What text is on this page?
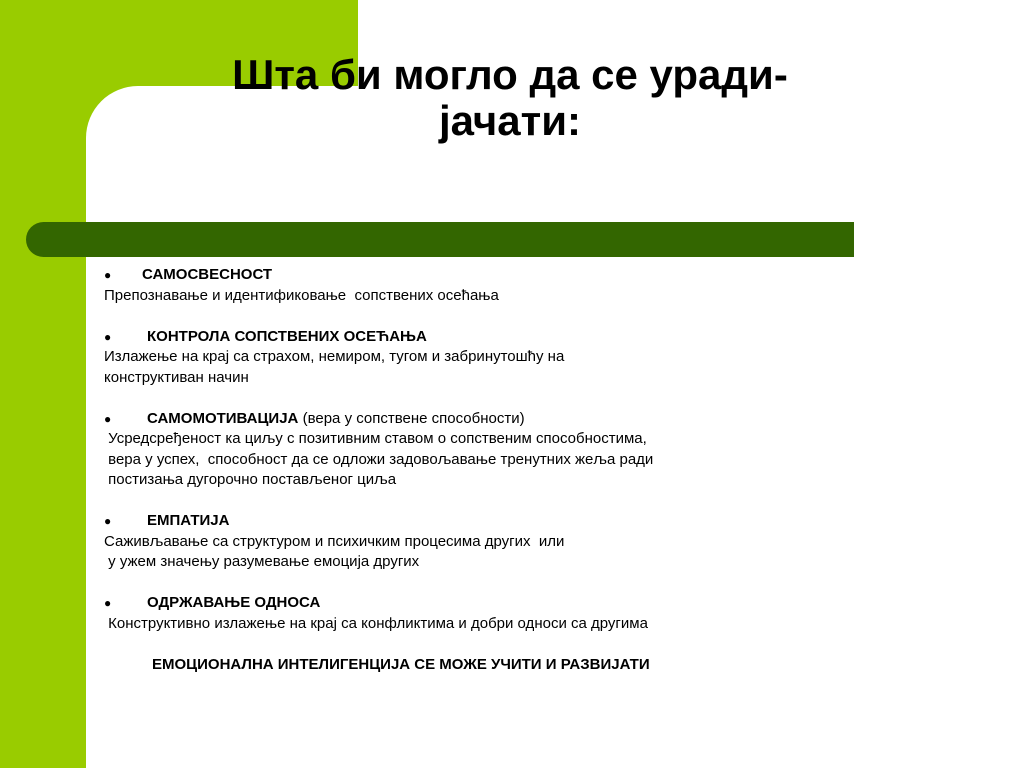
Шта би могло да се уради-
јачати:
● САМОСВЕСНОСТ
Препознавање и идентификовање  сопствених осећања
● КОНТРОЛА СОПСТВЕНИХ ОСЕЋАЊА
Излажење на крај са страхом, немиром, тугом и забринутошћу на
конструктиван начин
● САМОМОТИВАЦИЈА (вера у сопствене способности)
Усредсређеност ка циљу с позитивним ставом о сопственим способностима,
вера у успех,  способност да се одложи задовољавање тренутних жеља ради
постизања дугорочно постављеног циља
● ЕМПАТИЈА
Саживљавање са структуром и психичким процесима других  или
у ужем значењу разумевање емоција других
● ОДРЖАВАЊЕ ОДНОСА
Конструктивно излажење на крај са конфликтима и добри односи са другима
ЕМОЦИОНАЛНА ИНТЕЛИГЕНЦИЈА СЕ МОЖЕ УЧИТИ И РАЗВИЈАТИ
